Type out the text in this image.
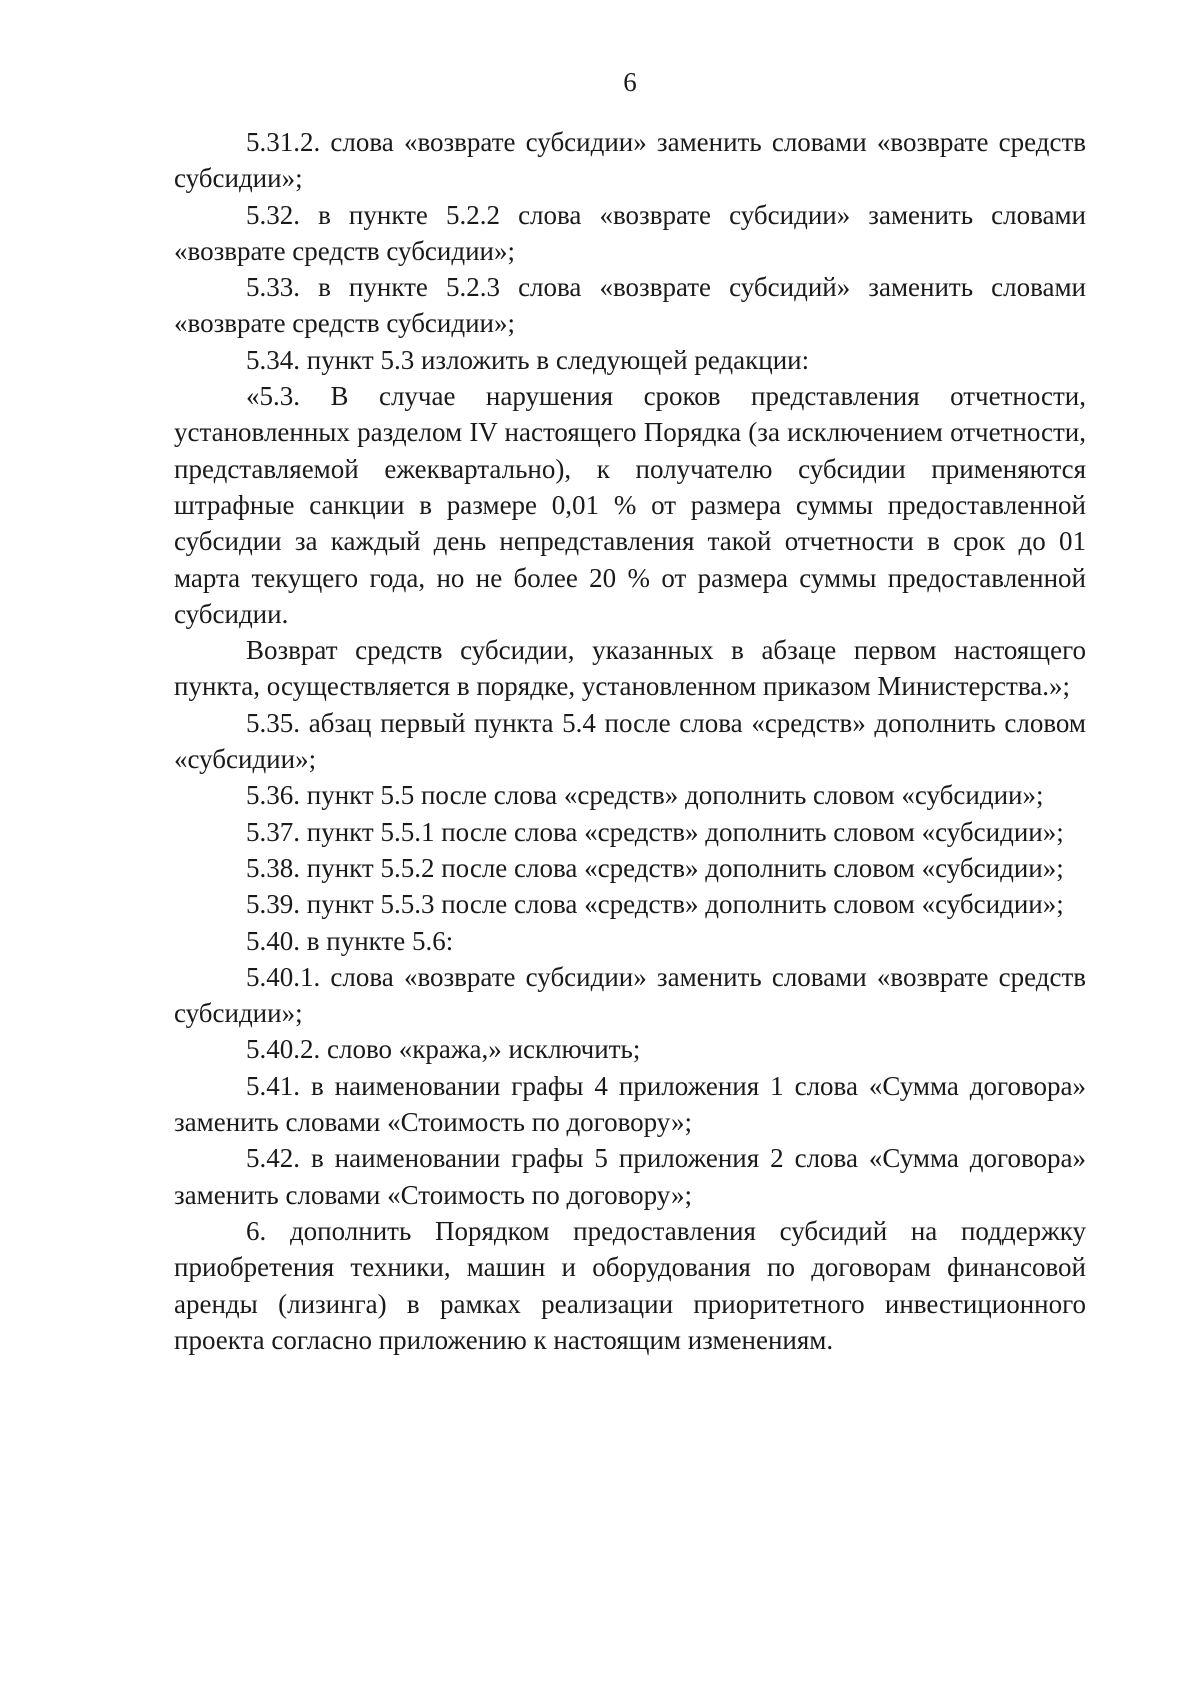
6

5.31.2. слова «возврате субсидии» заменить словами «возврате средств субсидии»;

5.32. в пункте 5.2.2 слова «возврате субсидии» заменить словами «возврате средств субсидии»;

5.33. в пункте 5.2.3 слова «возврате субсидий» заменить словами «возврате средств субсидии»;

5.34. пункт 5.3 изложить в следующей редакции:

«5.3. В случае нарушения сроков представления отчетности, установленных разделом IV настоящего Порядка (за исключением отчетности, представляемой ежеквартально), к получателю субсидии применяются штрафные санкции в размере 0,01 % от размера суммы предоставленной субсидии за каждый день непредставления такой отчетности в срок до 01 марта текущего года, но не более 20 % от размера суммы предоставленной субсидии.

Возврат средств субсидии, указанных в абзаце первом настоящего пункта, осуществляется в порядке, установленном приказом Министерства.»;

5.35. абзац первый пункта 5.4 после слова «средств» дополнить словом «субсидии»;

5.36. пункт 5.5 после слова «средств» дополнить словом «субсидии»;

5.37. пункт 5.5.1 после слова «средств» дополнить словом «субсидии»;

5.38. пункт 5.5.2 после слова «средств» дополнить словом «субсидии»;

5.39. пункт 5.5.3 после слова «средств» дополнить словом «субсидии»;

5.40. в пункте 5.6:

5.40.1. слова «возврате субсидии» заменить словами «возврате средств субсидии»;

5.40.2. слово «кража,» исключить;

5.41. в наименовании графы 4 приложения 1 слова «Сумма договора» заменить словами «Стоимость по договору»;

5.42. в наименовании графы 5 приложения 2 слова «Сумма договора» заменить словами «Стоимость по договору»;

6. дополнить Порядком предоставления субсидий на поддержку приобретения техники, машин и оборудования по договорам финансовой аренды (лизинга) в рамках реализации приоритетного инвестиционного проекта согласно приложению к настоящим изменениям.
